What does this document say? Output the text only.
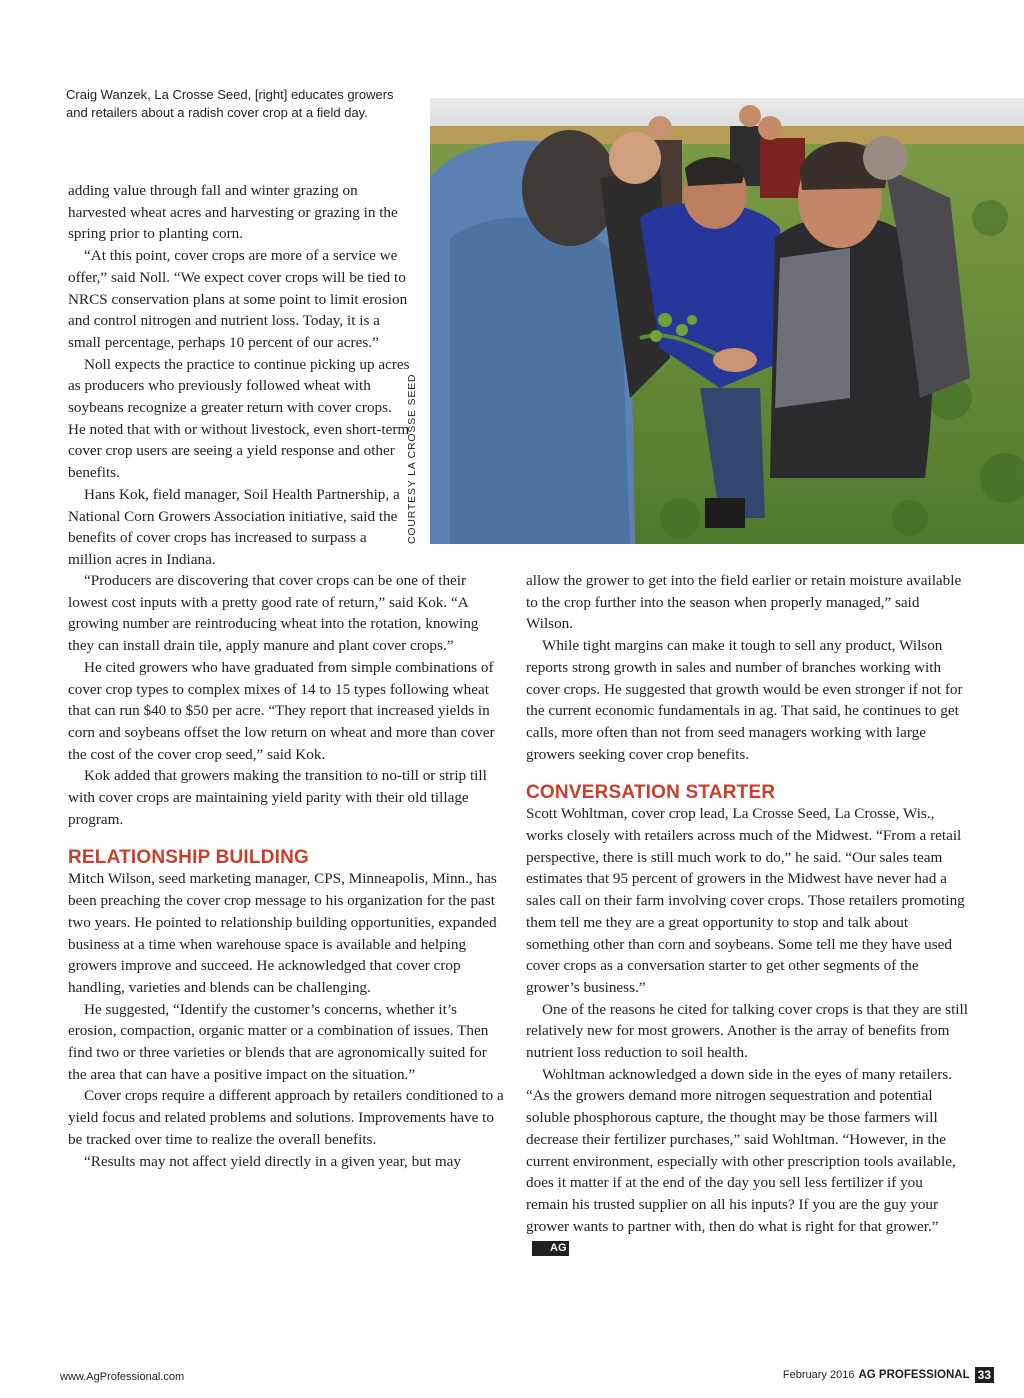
Craig Wanzek, La Crosse Seed, [right] educates growers and retailers about a radish cover crop at a field day.
COURTESY LA CROSSE SEED

adding value through fall and winter grazing on harvested wheat acres and harvesting or grazing in the spring prior to planting corn.

“At this point, cover crops are more of a service we offer,” said Noll. “We expect cover crops will be tied to NRCS conservation plans at some point to limit erosion and control nitrogen and nutrient loss. Today, it is a small percentage, perhaps 10 percent of our acres.”

Noll expects the practice to continue picking up acres as producers who previously followed wheat with soybeans recognize a greater return with cover crops. He noted that with or without livestock, even short-term cover crop users are seeing a yield response and other benefits.

Hans Kok, field manager, Soil Health Partnership, a National Corn Growers Association initiative, said the benefits of cover crops has increased to surpass a million acres in Indiana.

“Producers are discovering that cover crops can be one of their lowest cost inputs with a pretty good rate of return,” said Kok. “A growing number are reintroducing wheat into the rotation, knowing they can install drain tile, apply manure and plant cover crops.”

He cited growers who have graduated from simple combinations of cover crop types to complex mixes of 14 to 15 types following wheat that can run $40 to $50 per acre. “They report that increased yields in corn and soybeans offset the low return on wheat and more than cover the cost of the cover crop seed,” said Kok.

Kok added that growers making the transition to no-till or strip till with cover crops are maintaining yield parity with their old tillage program.

RELATIONSHIP BUILDING

Mitch Wilson, seed marketing manager, CPS, Minneapolis, Minn., has been preaching the cover crop message to his organization for the past two years. He pointed to relationship building opportunities, expanded business at a time when warehouse space is available and helping growers improve and succeed. He acknowledged that cover crop handling, varieties and blends can be challenging.

He suggested, “Identify the customer’s concerns, whether it’s erosion, compaction, organic matter or a combination of issues. Then find two or three varieties or blends that are agronomically suited for the area that can have a positive impact on the situation.”

Cover crops require a different approach by retailers conditioned to a yield focus and related problems and solutions. Improvements have to be tracked over time to realize the overall benefits.

“Results may not affect yield directly in a given year, but may

allow the grower to get into the field earlier or retain moisture available to the crop further into the season when properly managed,” said Wilson.

While tight margins can make it tough to sell any product, Wilson reports strong growth in sales and number of branches working with cover crops. He suggested that growth would be even stronger if not for the current economic fundamentals in ag. That said, he continues to get calls, more often than not from seed managers working with large growers seeking cover crop benefits.

CONVERSATION STARTER

Scott Wohltman, cover crop lead, La Crosse Seed, La Crosse, Wis., works closely with retailers across much of the Midwest. “From a retail perspective, there is still much work to do,” he said. “Our sales team estimates that 95 percent of growers in the Midwest have never had a sales call on their farm involving cover crops. Those retailers promoting them tell me they are a great opportunity to stop and talk about something other than corn and soybeans. Some tell me they have used cover crops as a conversation starter to get other segments of the grower’s business.”

One of the reasons he cited for talking cover crops is that they are still relatively new for most growers. Another is the array of benefits from nutrient loss reduction to soil health.

Wohltman acknowledged a down side in the eyes of many retailers. “As the growers demand more nitrogen sequestration and potential soluble phosphorous capture, the thought may be those farmers will decrease their fertilizer purchases,” said Wohltman. “However, in the current environment, especially with other prescription tools available, does it matter if at the end of the day you sell less fertilizer if you remain his trusted supplier on all his inputs? If you are the guy your grower wants to partner with, then do what is right for that grower.”AG

www.AgProfessional.com	February 2016 AG PROFESSIONAL 33
